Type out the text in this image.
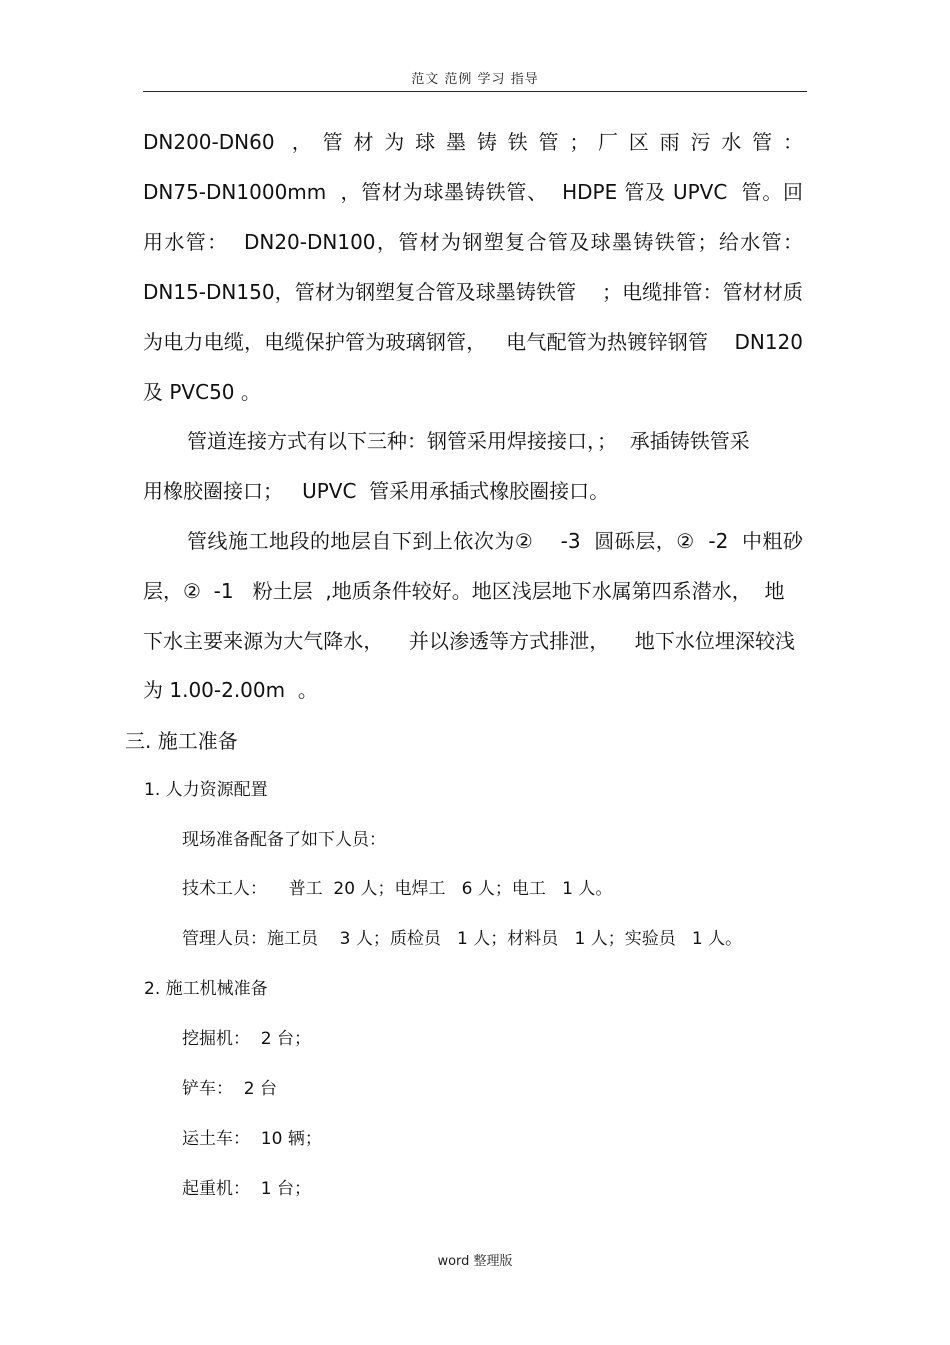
范文 范例 学习 指导
DN200-DN60  ， 管 材 为 球 墨 铸 铁 管 ； 厂 区 雨 污 水 管 ：
DN75-DN1000mm  ，管材为球墨铸铁管、  HDPE 管及 UPVC  管。回
用水管：  DN20-DN100，管材为钢塑复合管及球墨铸铁管；给水管：
DN15-DN150，管材为钢塑复合管及球墨铸铁管    ；电缆排管：管材材质
为电力电缆，电缆保护管为玻璃钢管，   电气配管为热镀锌钢管    DN120
及 PVC50 。
管道连接方式有以下三种：钢管采用焊接接口，；  承插铸铁管采
用橡胶圈接口；   UPVC  管采用承插式橡胶圈接口。
管线施工地段的地层自下到上依次为②    -3  圆砾层，②  -2  中粗砂
层，②  -1   粉土层  ,地质条件较好。地区浅层地下水属第四系潜水，  地
下水主要来源为大气降水，    并以渗透等方式排泄，    地下水位埋深较浅
为 1.00-2.00m  。
三. 施工准备
1. 人力资源配置
现场准备配备了如下人员：
技术工人：    普工  20 人；电焊工   6 人；电工   1 人。
管理人员：施工员    3 人；质检员   1 人；材料员   1 人；实验员   1 人。
2. 施工机械准备
挖掘机：  2 台；
铲车：  2 台
运土车：  10 辆；
起重机：  1 台；
word 整理版
